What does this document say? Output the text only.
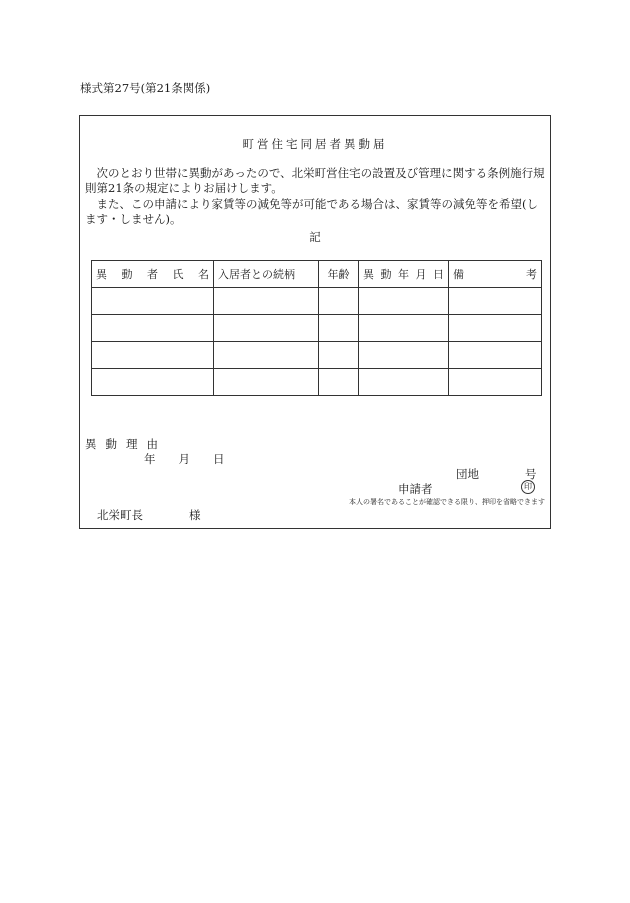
様式第27号(第21条関係)
町営住宅同居者異動届
次のとおり世帯に異動があったので、北栄町営住宅の設置及び管理に関する条例施行規則第21条の規定によりお届けします。
また、この申請により家賃等の減免等が可能である場合は、家賃等の減免等を希望(します・しません)。
記
異 動 者 氏 名	入居者との続柄	年齢	異 動 年 月 日	備 考

異動理由
年　　月　　日
団地　　　　号
申請者	印
本人の署名であることが確認できる限り、押印を省略できます
北栄町長　　　　様
